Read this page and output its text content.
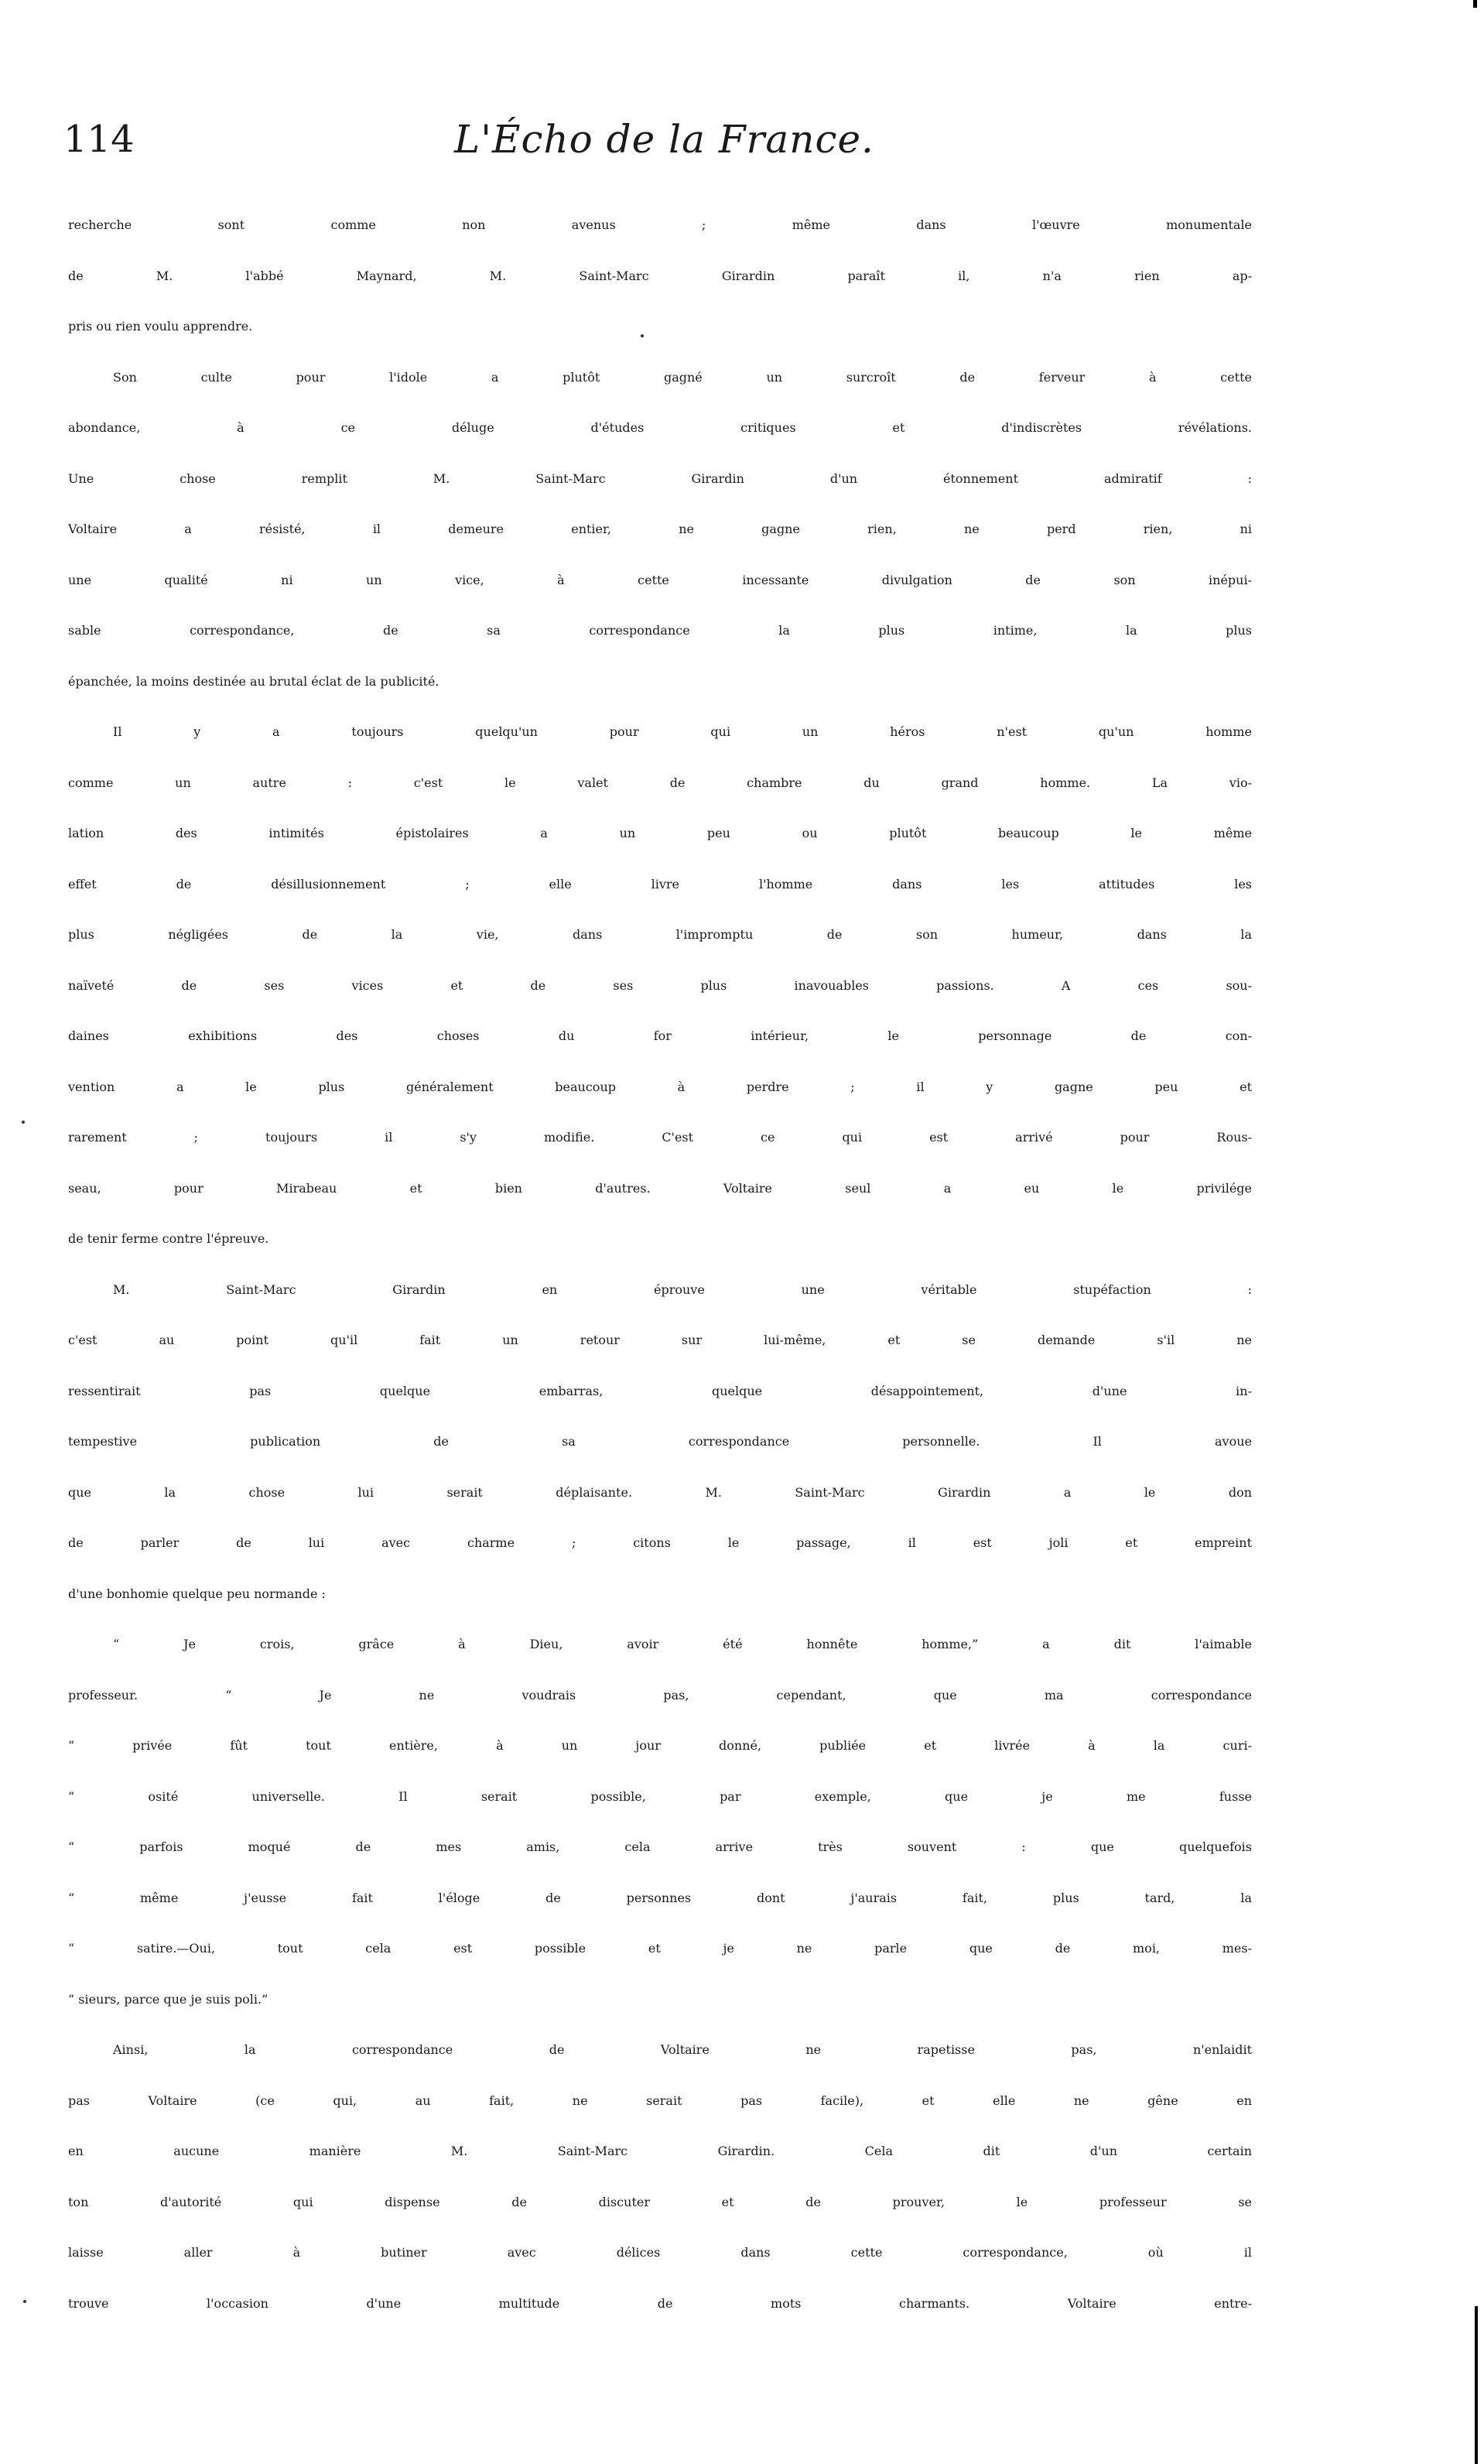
114	L'Écho de la France.
recherche sont comme non avenus ; même dans l'œuvre monumentale
de M. l'abbé Maynard, M. Saint-Marc Girardin paraît il, n'a rien ap-
pris ou rien voulu apprendre.
Son culte pour l'idole a plutôt gagné un surcroît de ferveur à cette
abondance, à ce déluge d'études critiques et d'indiscrètes révélations.
Une chose remplit M. Saint-Marc Girardin d'un étonnement admiratif :
Voltaire a résisté, il demeure entier, ne gagne rien, ne perd rien, ni
une qualité ni un vice, à cette incessante divulgation de son inépui-
sable correspondance, de sa correspondance la plus intime, la plus
épanchée, la moins destinée au brutal éclat de la publicité.
Il y a toujours quelqu'un pour qui un héros n'est qu'un homme
comme un autre : c'est le valet de chambre du grand homme. La vio-
lation des intimités épistolaires a un peu ou plutôt beaucoup le même
effet de désillusionnement ; elle livre l'homme dans les attitudes les
plus négligées de la vie, dans l'impromptu de son humeur, dans la
naïveté de ses vices et de ses plus inavouables passions. A ces sou-
daines exhibitions des choses du for intérieur, le personnage de con-
vention a le plus généralement beaucoup à perdre ; il y gagne peu et
rarement ; toujours il s'y modifie. C'est ce qui est arrivé pour Rous-
seau, pour Mirabeau et bien d'autres. Voltaire seul a eu le privilége
de tenir ferme contre l'épreuve.
M. Saint-Marc Girardin en éprouve une véritable stupéfaction :
c'est au point qu'il fait un retour sur lui-même, et se demande s'il ne
ressentirait pas quelque embarras, quelque désappointement, d'une in-
tempestive publication de sa correspondance personnelle. Il avoue
que la chose lui serait déplaisante. M. Saint-Marc Girardin a le don
de parler de lui avec charme ; citons le passage, il est joli et empreint
d'une bonhomie quelque peu normande :
“ Je crois, grâce à Dieu, avoir été honnête homme,” a dit l'aimable
professeur. “ Je ne voudrais pas, cependant, que ma correspondance
“ privée fût tout entière, à un jour donné, publiée et livrée à la curi-
“ osité universelle. Il serait possible, par exemple, que je me fusse
“ parfois moqué de mes amis, cela arrive très souvent : que quelquefois
“ même j'eusse fait l'éloge de personnes dont j'aurais fait, plus tard, la
“ satire.—Oui, tout cela est possible et je ne parle que de moi, mes-
“ sieurs, parce que je suis poli.”
Ainsi, la correspondance de Voltaire ne rapetisse pas, n'enlaidit
pas Voltaire (ce qui, au fait, ne serait pas facile), et elle ne gêne en
en aucune manière M. Saint-Marc Girardin. Cela dit d'un certain
ton d'autorité qui dispense de discuter et de prouver, le professeur se
laisse aller à butiner avec délices dans cette correspondance, où il
trouve l'occasion d'une multitude de mots charmants. Voltaire entre-
